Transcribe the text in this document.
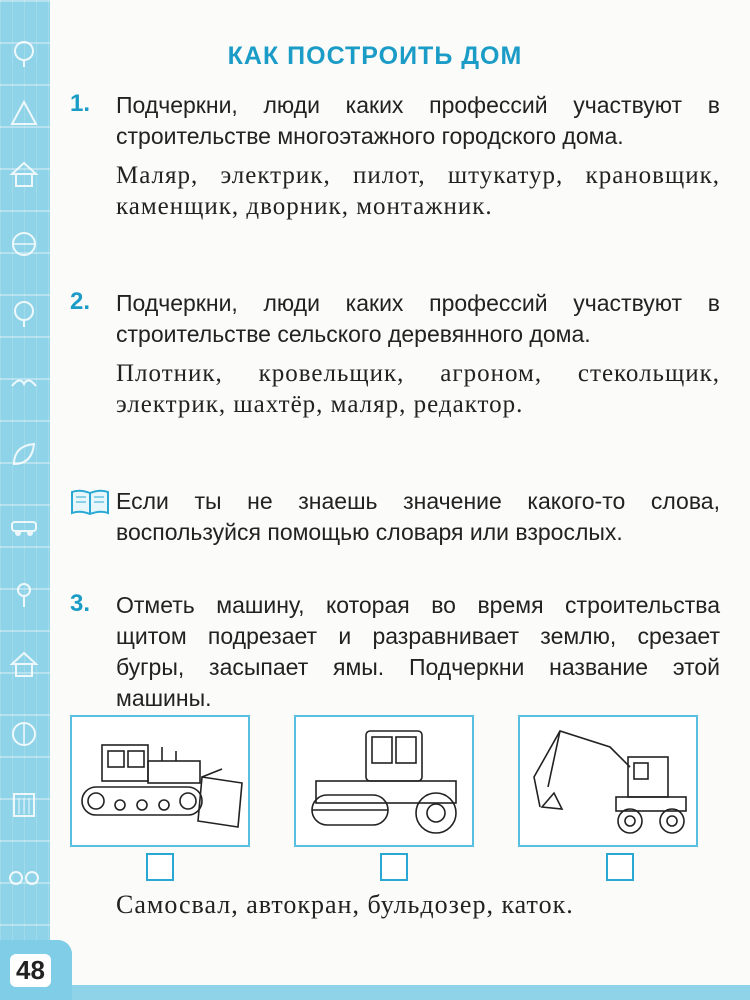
48
КАК ПОСТРОИТЬ ДОМ
1. Подчеркни, люди каких профессий участвуют в строительстве многоэтажного городского дома.
Маляр, электрик, пилот, штукатур, крановщик, каменщик, дворник, монтажник.
2. Подчеркни, люди каких профессий участвуют в строительстве сельского деревянного дома.
Плотник, кровельщик, агроном, стекольщик, электрик, шахтёр, маляр, редактор.
Если ты не знаешь значение какого-то слова, воспользуйся помощью словаря или взрослых.
3. Отметь машину, которая во время строительства щитом подрезает и разравнивает землю, срезает бугры, засыпает ямы. Подчеркни название этой машины.
Самосвал, автокран, бульдозер, каток.
